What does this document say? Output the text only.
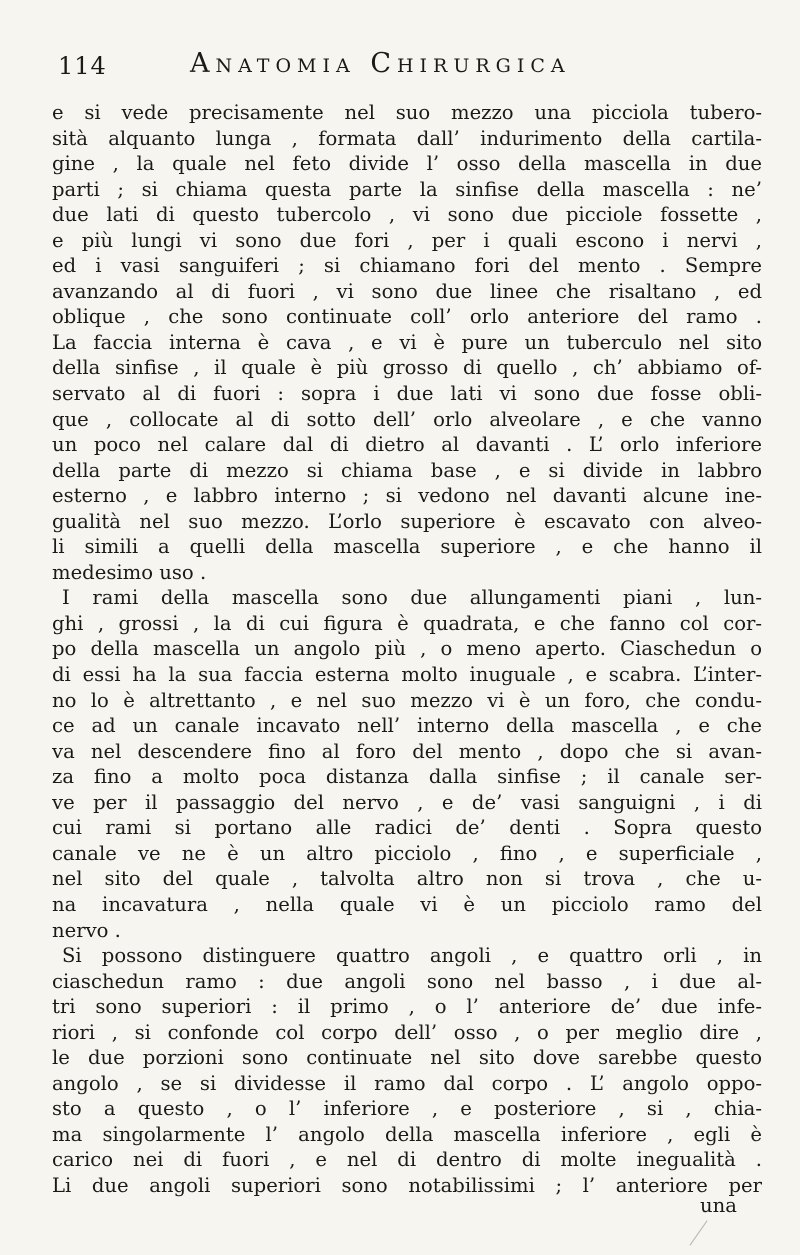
114	Anatomia Chirurgica
e si vede precisamente nel suo mezzo una picciola tubero-
sità alquanto lunga , formata dall’ indurimento della cartila-
gine , la quale nel feto divide l’ osso della mascella in due
parti ; si chiama questa parte la sinfise della mascella : ne’
due lati di questo tubercolo , vi sono due picciole fossette ,
e più lungi vi sono due fori , per i quali escono i nervi ,
ed i vasi sanguiferi ; si chiamano fori del mento . Sempre
avanzando al di fuori , vi sono due linee che risaltano , ed
oblique , che sono continuate coll’ orlo anteriore del ramo .
La faccia interna è cava , e vi è pure un tuberculo nel sito
della sinfise , il quale è più grosso di quello , ch’ abbiamo of-
servato al di fuori : sopra i due lati vi sono due fosse obli-
que , collocate al di sotto dell’ orlo alveolare , e che vanno
un poco nel calare dal di dietro al davanti . L’ orlo inferiore
della parte di mezzo si chiama base , e si divide in labbro
esterno , e labbro interno ; si vedono nel davanti alcune ine-
gualità nel suo mezzo. L’orlo superiore è escavato con alveo-
li simili a quelli della mascella superiore , e che hanno il
medesimo uso .
I rami della mascella sono due allungamenti piani , lun-
ghi , grossi , la di cui figura è quadrata, e che fanno col cor-
po della mascella un angolo più , o meno aperto. Ciaschedun o
di essi ha la sua faccia esterna molto inuguale , e scabra. L’inter-
no lo è altrettanto , e nel suo mezzo vi è un foro, che condu-
ce ad un canale incavato nell’ interno della mascella , e che
va nel descendere fino al foro del mento , dopo che si avan-
za fino a molto poca distanza dalla sinfise ; il canale ser-
ve per il passaggio del nervo , e de’ vasi sanguigni , i di
cui rami si portano alle radici de’ denti . Sopra questo
canale ve ne è un altro picciolo , fino , e superficiale ,
nel sito del quale , talvolta altro non si trova , che u-
na incavatura , nella quale vi è un picciolo ramo del
nervo .
Si possono distinguere quattro angoli , e quattro orli , in
ciaschedun ramo : due angoli sono nel basso , i due al-
tri sono superiori : il primo , o l’ anteriore de’ due infe-
riori , si confonde col corpo dell’ osso , o per meglio dire ,
le due porzioni sono continuate nel sito dove sarebbe questo
angolo , se si dividesse il ramo dal corpo . L’ angolo oppo-
sto a questo , o l’ inferiore , e posteriore , si , chia-
ma singolarmente l’ angolo della mascella inferiore , egli è
carico nei di fuori , e nel di dentro di molte inegualità .
Li due angoli superiori sono notabilissimi ; l’ anteriore per
una
